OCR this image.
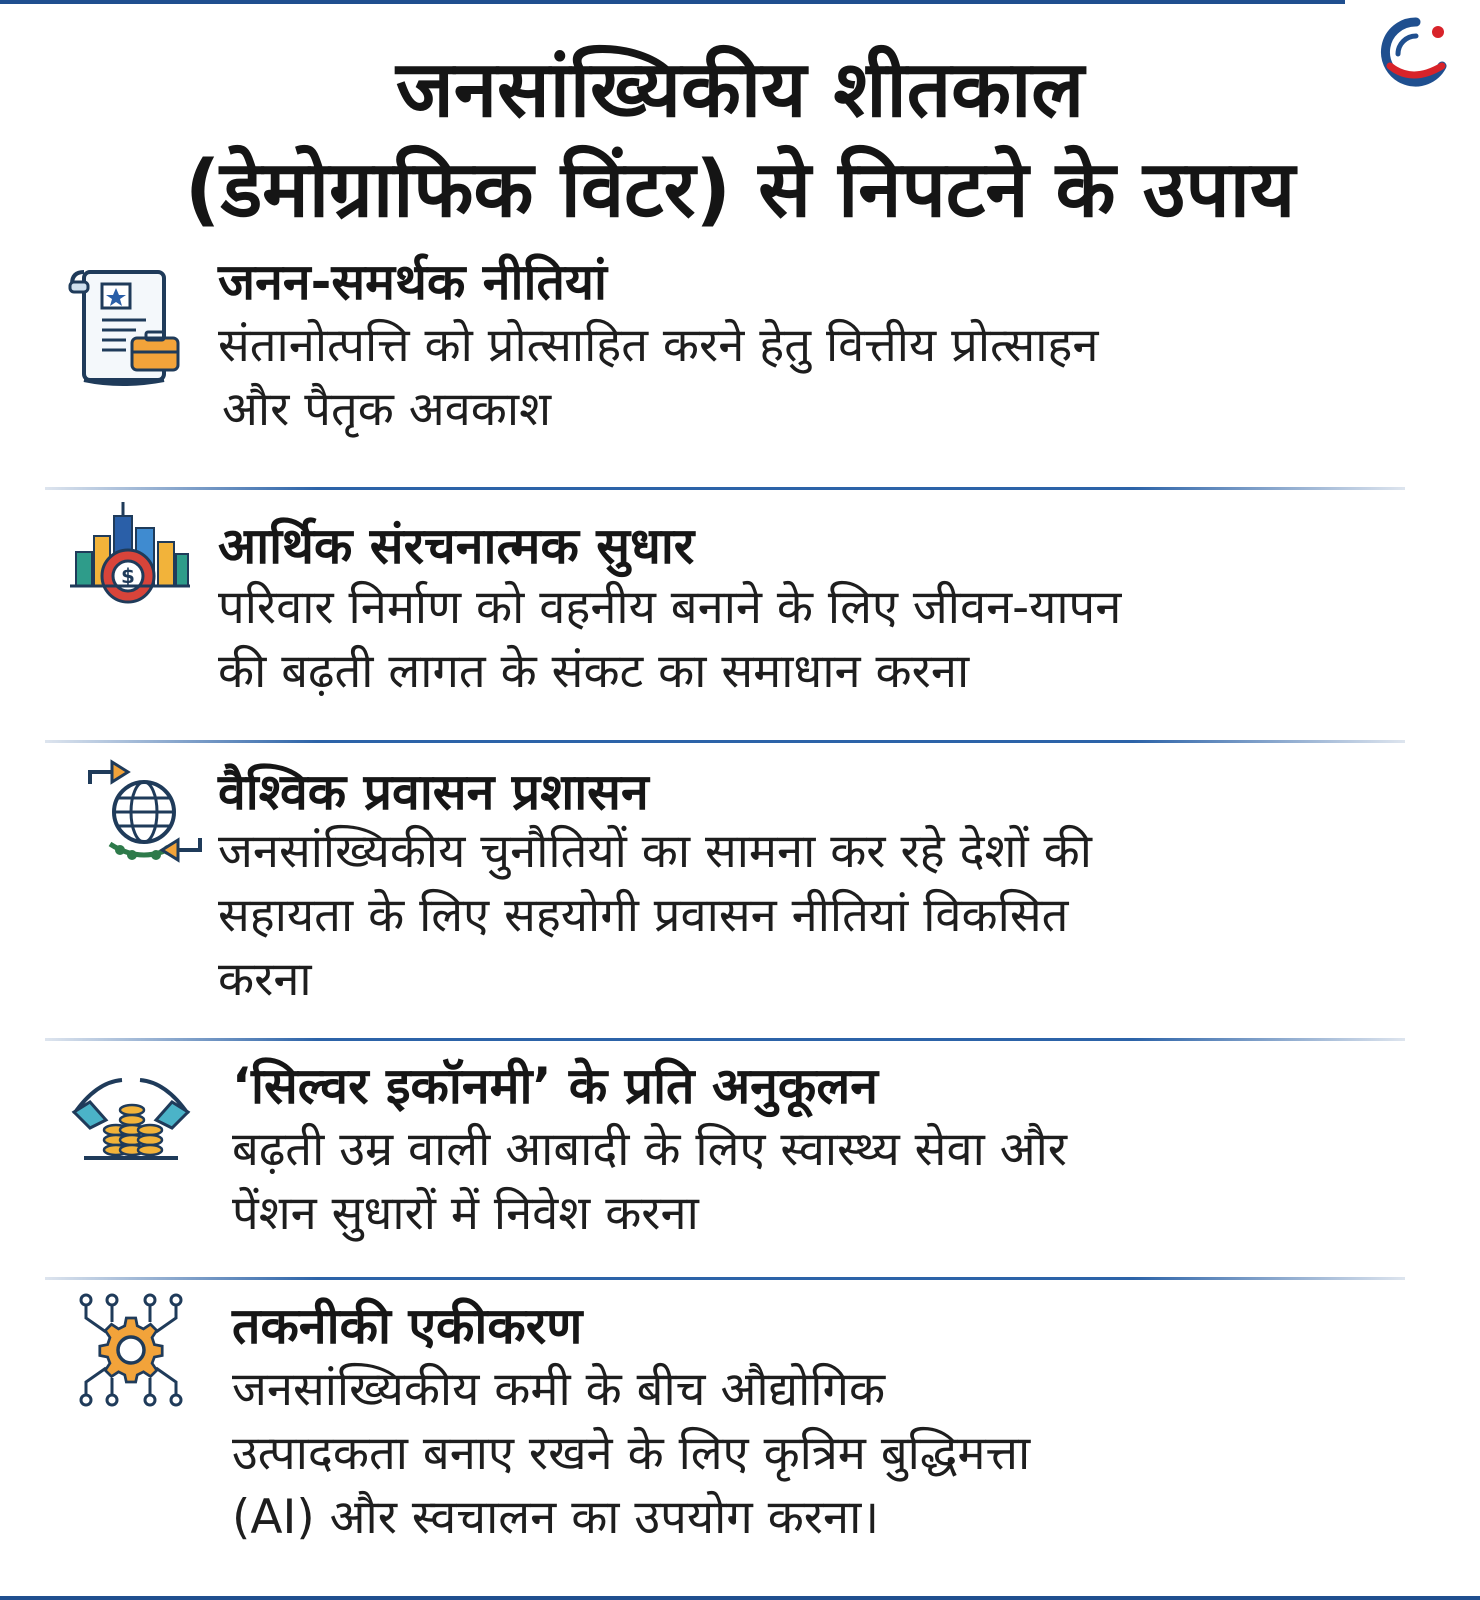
जनसांख्यिकीय शीतकाल
(डेमोग्राफिक विंटर) से निपटने के उपाय
जनन-समर्थक नीतियां
संतानोत्पत्ति को प्रोत्साहित करने हेतु वित्तीय प्रोत्साहन
और पैतृक अवकाश
$
आर्थिक संरचनात्मक सुधार
परिवार निर्माण को वहनीय बनाने के लिए जीवन-यापन
की बढ़ती लागत के संकट का समाधान करना
वैश्विक प्रवासन प्रशासन
जनसांख्यिकीय चुनौतियों का सामना कर रहे देशों की
सहायता के लिए सहयोगी प्रवासन नीतियां विकसित
करना
‘सिल्वर इकॉनमी’ के प्रति अनुकूलन
बढ़ती उम्र वाली आबादी के लिए स्वास्थ्य सेवा और
पेंशन सुधारों में निवेश करना
तकनीकी एकीकरण
जनसांख्यिकीय कमी के बीच औद्योगिक
उत्पादकता बनाए रखने के लिए कृत्रिम बुद्धिमत्ता
(AI) और स्वचालन का उपयोग करना।
